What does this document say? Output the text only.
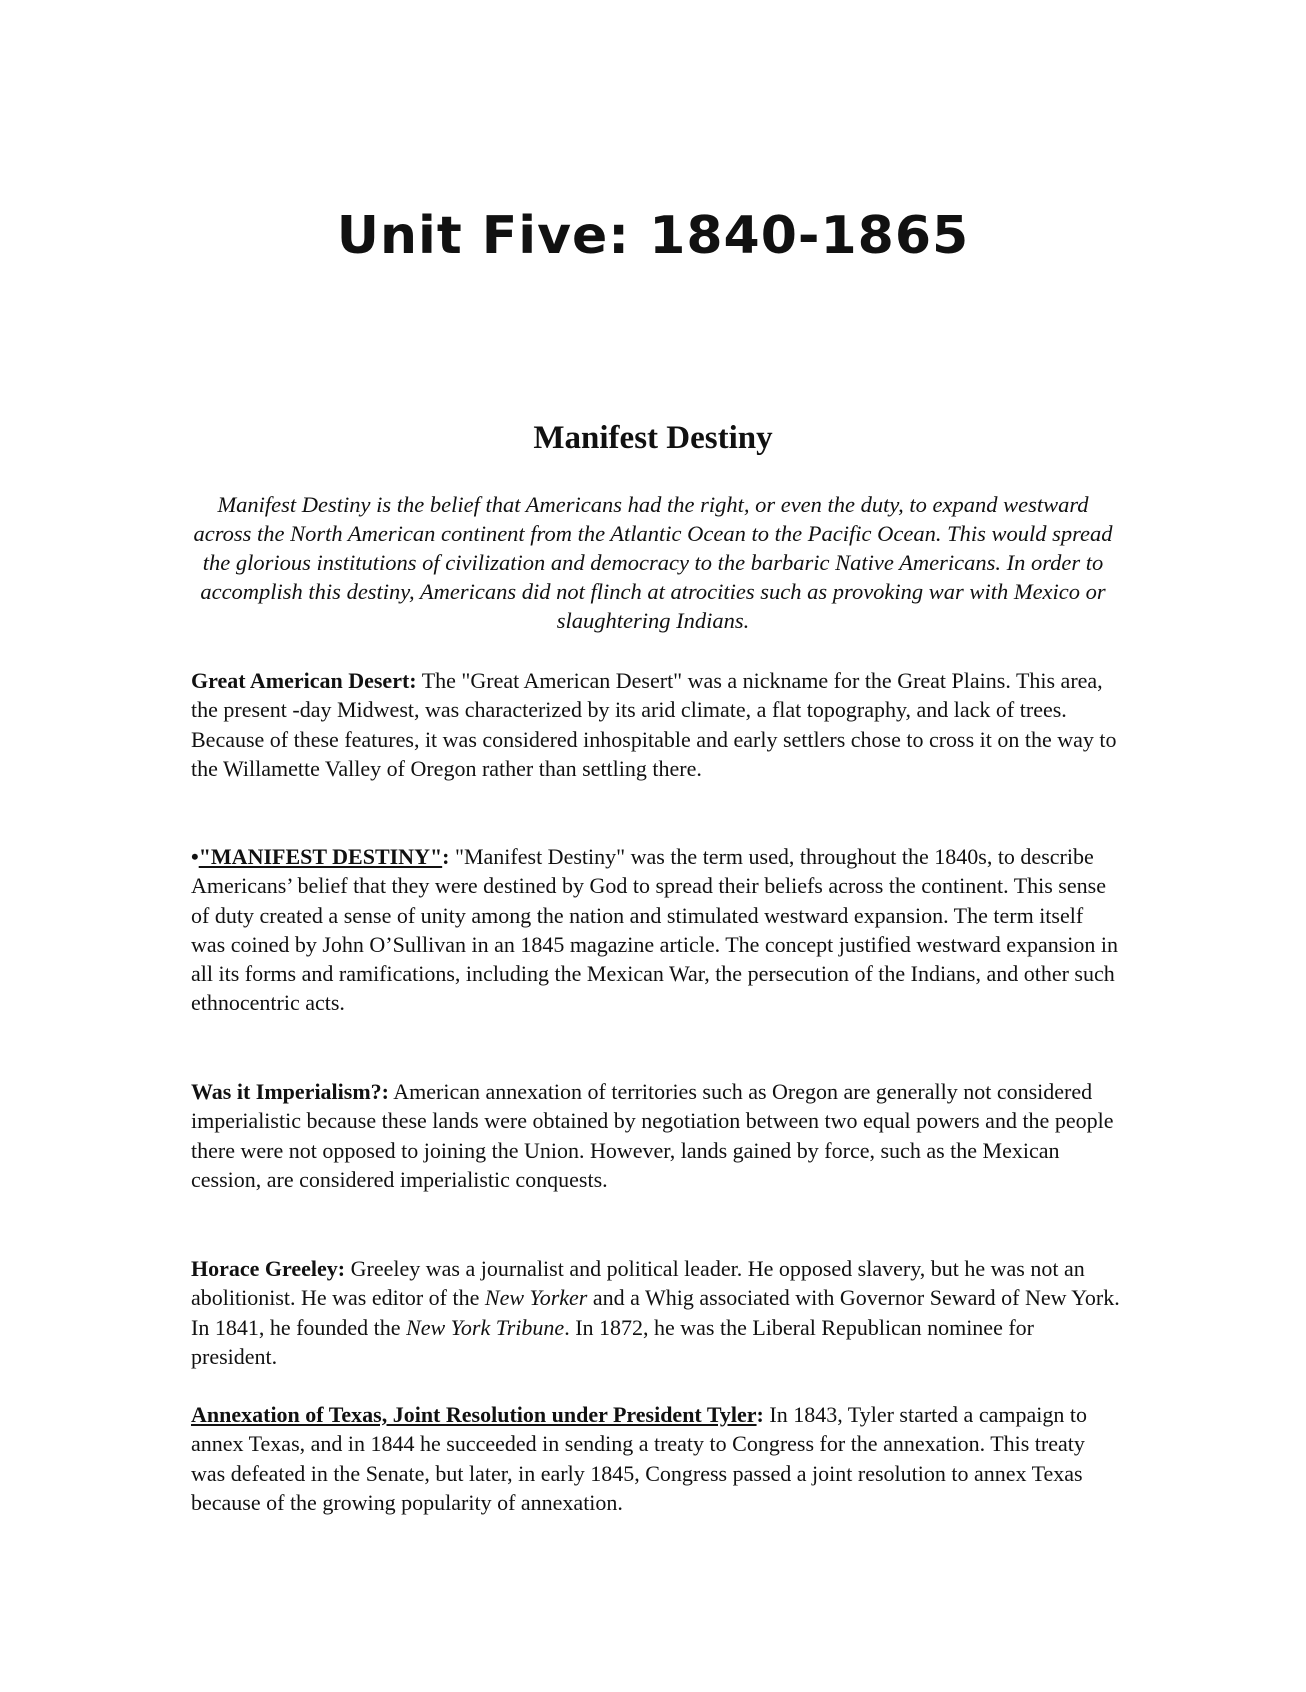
Unit Five: 1840-1865
Manifest Destiny

Manifest Destiny is the belief that Americans had the right, or even the duty, to expand westward across the North American continent from the Atlantic Ocean to the Pacific Ocean. This would spread the glorious institutions of civilization and democracy to the barbaric Native Americans. In order to accomplish this destiny, Americans did not flinch at atrocities such as provoking war with Mexico or slaughtering Indians.

Great American Desert: The "Great American Desert" was a nickname for the Great Plains. This area, the present -day Midwest, was characterized by its arid climate, a flat topography, and lack of trees. Because of these features, it was considered inhospitable and early settlers chose to cross it on the way to the Willamette Valley of Oregon rather than settling there.

•"MANIFEST DESTINY": "Manifest Destiny" was the term used, throughout the 1840s, to describe Americans’ belief that they were destined by God to spread their beliefs across the continent. This sense of duty created a sense of unity among the nation and stimulated westward expansion. The term itself was coined by John O’Sullivan in an 1845 magazine article. The concept justified westward expansion in all its forms and ramifications, including the Mexican War, the persecution of the Indians, and other such ethnocentric acts.

Was it Imperialism?: American annexation of territories such as Oregon are generally not considered imperialistic because these lands were obtained by negotiation between two equal powers and the people there were not opposed to joining the Union. However, lands gained by force, such as the Mexican cession, are considered imperialistic conquests.

Horace Greeley: Greeley was a journalist and political leader. He opposed slavery, but he was not an abolitionist. He was editor of the New Yorker and a Whig associated with Governor Seward of New York. In 1841, he founded the New York Tribune. In 1872, he was the Liberal Republican nominee for president.

Annexation of Texas, Joint Resolution under President Tyler: In 1843, Tyler started a campaign to annex Texas, and in 1844 he succeeded in sending a treaty to Congress for the annexation. This treaty was defeated in the Senate, but later, in early 1845, Congress passed a joint resolution to annex Texas because of the growing popularity of annexation.
